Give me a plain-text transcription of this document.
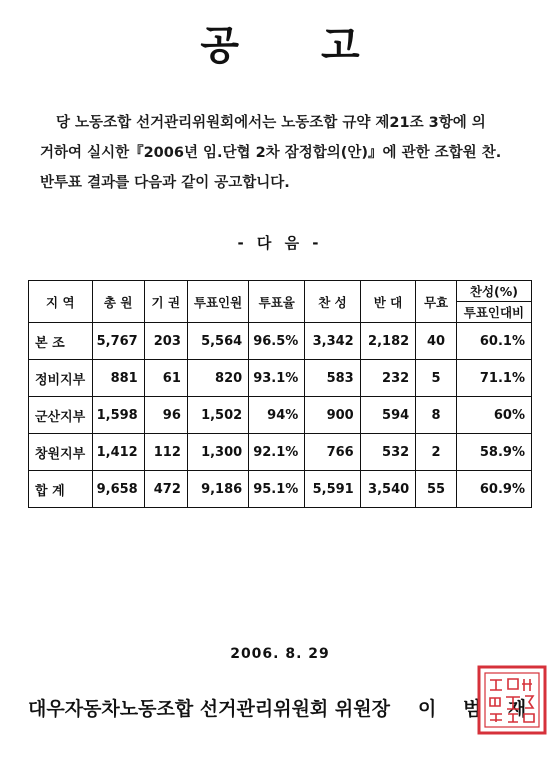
공 고

당 노동조합 선거관리위원회에서는 노동조합 규약 제21조 3항에 의

거하여 실시한『2006년 임.단협 2차 잠정합의(안)』에 관한 조합원 찬.

반투표 결과를 다음과 같이 공고합니다.

- 다 음 -
지 역	총 원	기 권	투표인원	투표율	찬 성	반 대	무효	찬성(%)
								투표인대비
본 조	5,767	203	5,564	96.5%	3,342	2,182	40	60.1%
정비지부	881	61	820	93.1%	583	232	5	71.1%
군산지부	1,598	96	1,502	94%	900	594	8	60%
창원지부	1,412	112	1,300	92.1%	766	532	2	58.9%
합 계	9,658	472	9,186	95.1%	5,591	3,540	55	60.9%
2006. 8. 29
대우자동차노동조합 선거관리위원회 위원장 이 범 재
